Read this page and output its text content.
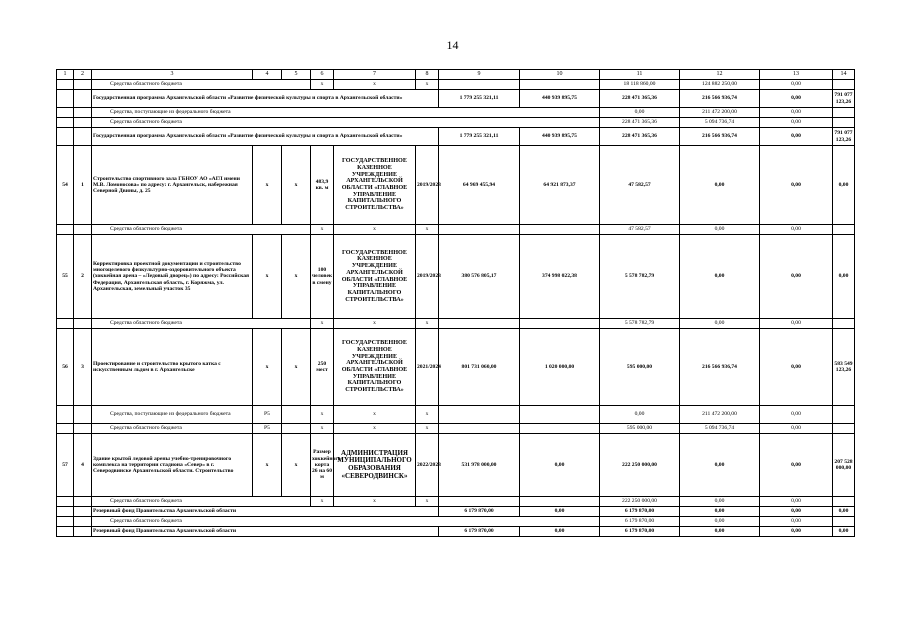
14
1	2	3	4	5	6	7	8	9	10	11	12	13	14
		Средства областного бюджета			х	х	х			18 118 860,00	124 882 250,00	0,00	
		Государственная программа Архангельской области «Развитие физической культуры и спорта в Архангельской области»						1 779 255 321,11	440 939 895,75	228 471 365,36	216 566 936,74	0,00	791 077 123,26
		Средства, поступающие из федерального бюджета								0,00	211 472 200,00	0,00	
		Средства областного бюджета								228 471 365,36	5 094 736,74	0,00	
		Государственная программа Архангельской области «Развитие физической культуры и спорта в Архангельской области»						1 779 255 321,11	440 939 895,75	228 471 365,36	216 566 936,74	0,00	791 077 123,26
54	1	Строительство спортивного зала ГБНОУ АО «АГЛ имени М.В. Ломоносова» по адресу: г. Архангельск, набережная Северной Двины, д. 25	х	х	483,9 кв. м	ГОСУДАРСТВЕННОЕ КАЗЕННОЕ УЧРЕЖДЕНИЕ АРХАНГЕЛЬСКОЙ ОБЛАСТИ «ГЛАВНОЕ УПРАВЛЕНИЕ КАПИТАЛЬНОГО СТРОИТЕЛЬСТВА»	2019/2023	64 969 455,94	64 921 873,37	47 582,57	0,00	0,00	0,00
		Средства областного бюджета			х	х	х			47 582,57	0,00	0,00	
55	2	Корректировка проектной документации и строительство многоцелевого физкультурно-оздоровительного объекта (хоккейная арена – «Ледовый дворец») по адресу: Российская Федерация, Архангельская область, г. Коряжма, ул. Архангельская, земельный участок 35	х	х	100 человек в смену	ГОСУДАРСТВЕННОЕ КАЗЕННОЕ УЧРЕЖДЕНИЕ АРХАНГЕЛЬСКОЙ ОБЛАСТИ «ГЛАВНОЕ УПРАВЛЕНИЕ КАПИТАЛЬНОГО СТРОИТЕЛЬСТВА»	2019/2023	380 576 805,17	374 998 022,38	5 578 782,79	0,00	0,00	0,00
		Средства областного бюджета			х	х	х			5 578 782,79	0,00	0,00	
56	3	Проектирование и строительство крытого катка с искусственным льдом в г. Архангельске	х	х	250 мест	ГОСУДАРСТВЕННОЕ КАЗЕННОЕ УЧРЕЖДЕНИЕ АРХАНГЕЛЬСКОЙ ОБЛАСТИ «ГЛАВНОЕ УПРАВЛЕНИЕ КАПИТАЛЬНОГО СТРОИТЕЛЬСТВА»	2021/2024	801 731 060,00	1 020 000,00	595 000,00	216 566 936,74	0,00	583 549 123,26
		Средства, поступающие из федерального бюджета	Р5		х	х	х			0,00	211 472 200,00	0,00	
		Средства областного бюджета	Р5		х	х	х			595 000,00	5 094 736,74	0,00	
57	4	Здание крытой ледовой арены учебно-тренировочного комплекса на территории стадиона «Север» в г. Северодвинске Архангельской области. Строительство	х	х	Размер хоккейного корта 26 на 60 м	АДМИНИСТРАЦИЯ МУНИЦИПАЛЬНОГО ОБРАЗОВАНИЯ «СЕВЕРОДВИНСК»	2022/2023	531 978 000,00	0,00	222 250 000,00	0,00	0,00	207 528 000,00
		Средства областного бюджета			х	х	х			222 250 000,00	0,00	0,00	
		Резервный фонд Правительства Архангельской области						6 179 870,00	0,00	6 179 870,00	0,00	0,00	0,00
		Средства областного бюджета								6 179 870,00	0,00	0,00	
		Резервный фонд Правительства Архангельской области						6 179 870,00	0,00	6 179 870,00	0,00	0,00	0,00
